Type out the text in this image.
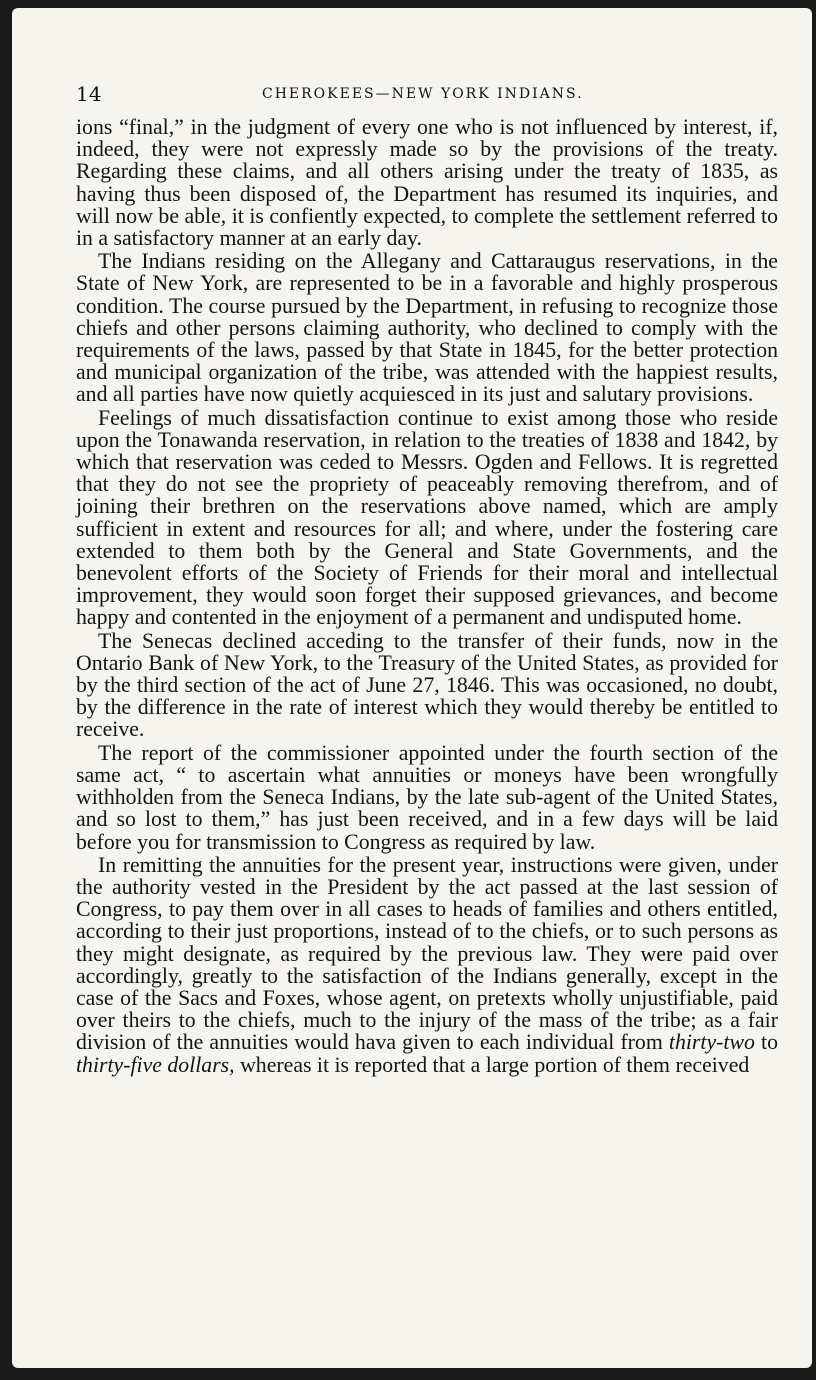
14	CHEROKEES—NEW YORK INDIANS.

ions “final,” in the judgment of every one who is not influenced by interest, if, indeed, they were not expressly made so by the provisions of the treaty. Regarding these claims, and all others arising under the treaty of 1835, as having thus been disposed of, the Department has resumed its inquiries, and will now be able, it is confiently expected, to complete the settlement referred to in a satisfactory manner at an early day.

The Indians residing on the Allegany and Cattaraugus reservations, in the State of New York, are represented to be in a favorable and highly prosperous condition. The course pursued by the Department, in refusing to recognize those chiefs and other persons claiming authority, who declined to comply with the requirements of the laws, passed by that State in 1845, for the better protection and municipal organization of the tribe, was attended with the happiest results, and all parties have now quietly acquiesced in its just and salutary provisions.

Feelings of much dissatisfaction continue to exist among those who reside upon the Tonawanda reservation, in relation to the treaties of 1838 and 1842, by which that reservation was ceded to Messrs. Ogden and Fellows. It is regretted that they do not see the propriety of peaceably removing therefrom, and of joining their brethren on the reservations above named, which are amply sufficient in extent and resources for all; and where, under the fostering care extended to them both by the General and State Governments, and the benevolent efforts of the Society of Friends for their moral and intellectual improvement, they would soon forget their supposed grievances, and become happy and contented in the enjoyment of a permanent and undisputed home.

The Senecas declined acceding to the transfer of their funds, now in the Ontario Bank of New York, to the Treasury of the United States, as provided for by the third section of the act of June 27, 1846. This was occasioned, no doubt, by the difference in the rate of interest which they would thereby be entitled to receive.

The report of the commissioner appointed under the fourth section of the same act, “ to ascertain what annuities or moneys have been wrongfully withholden from the Seneca Indians, by the late sub-agent of the United States, and so lost to them,” has just been received, and in a few days will be laid before you for transmission to Congress as required by law.

In remitting the annuities for the present year, instructions were given, under the authority vested in the President by the act passed at the last session of Congress, to pay them over in all cases to heads of families and others entitled, according to their just proportions, instead of to the chiefs, or to such persons as they might designate, as required by the previous law. They were paid over accordingly, greatly to the satisfaction of the Indians generally, except in the case of the Sacs and Foxes, whose agent, on pretexts wholly unjustifiable, paid over theirs to the chiefs, much to the injury of the mass of the tribe; as a fair division of the annuities would hava given to each individual from thirty-two to thirty-five dollars, whereas it is reported that a large portion of them received
